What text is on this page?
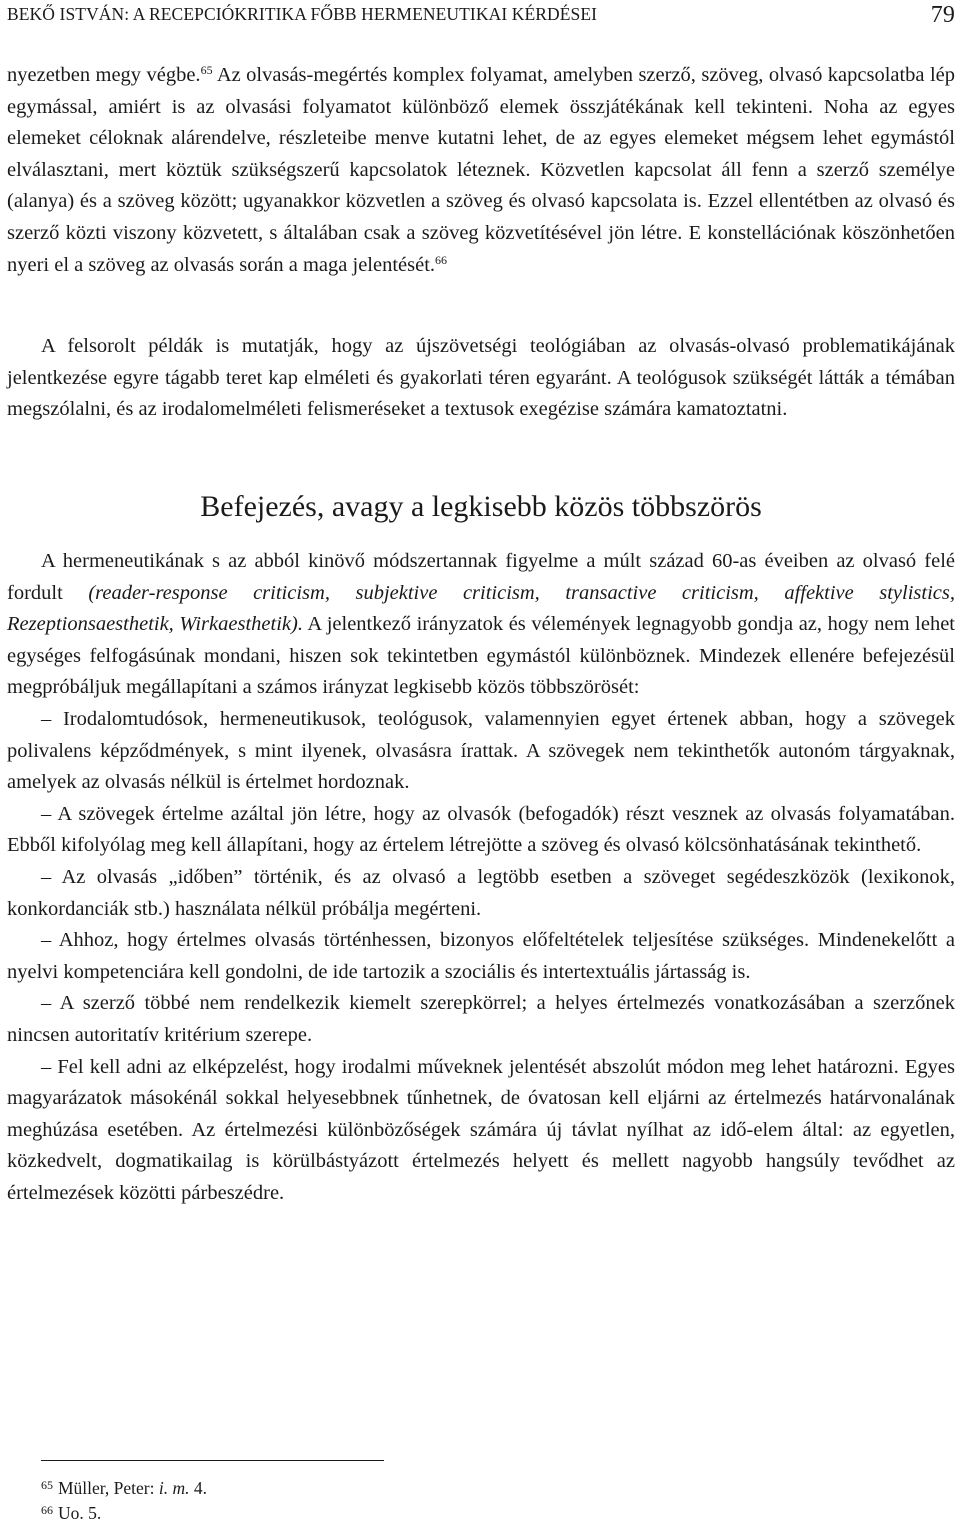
BEKŐ ISTVÁN: A RECEPCIÓKRITIKA FŐBB HERMENEUTIKAI KÉRDÉSEI	79

nyezetben megy végbe.$^{65}$ Az olvasás-megértés komplex folyamat, amelyben szerző, szöveg, olvasó kapcsolatba lép egymással, amiért is az olvasási folyamatot különböző elemek összjátékának kell tekinteni. Noha az egyes elemeket céloknak alárendelve, részleteibe menve kutatni lehet, de az egyes elemeket mégsem lehet egymástól elválasztani, mert köztük szükségszerű kapcsolatok léteznek. Közvetlen kapcsolat áll fenn a szerző személye (alanya) és a szöveg között; ugyanakkor közvetlen a szöveg és olvasó kapcsolata is. Ezzel ellentétben az olvasó és szerző közti viszony közvetett, s általában csak a szöveg közvetítésével jön létre. E konstellációnak köszönhetően nyeri el a szöveg az olvasás során a maga jelentését.$^{66}$

A felsorolt példák is mutatják, hogy az újszövetségi teológiában az olvasás-olvasó problematikájának jelentkezése egyre tágabb teret kap elméleti és gyakorlati téren egyaránt. A teológusok szükségét látták a témában megszólalni, és az irodalomelméleti felismeréseket a textusok exegézise számára kamatoztatni.

Befejezés, avagy a legkisebb közös többszörös

A hermeneutikának s az abból kinövő módszertannak figyelme a múlt század 60-as éveiben az olvasó felé fordult (reader-response criticism, subjektive criticism, transactive criticism, affektive stylistics, Rezeptionsaesthetik, Wirkaesthetik). A jelentkező irányzatok és vélemények legnagyobb gondja az, hogy nem lehet egységes felfogásúnak mondani, hiszen sok tekintetben egymástól különböznek. Mindezek ellenére befejezésül megpróbáljuk megállapítani a számos irányzat legkisebb közös többszörösét:

– Irodalomtudósok, hermeneutikusok, teológusok, valamennyien egyet értenek abban, hogy a szövegek polivalens képződmények, s mint ilyenek, olvasásra írattak. A szövegek nem tekinthetők autonóm tárgyaknak, amelyek az olvasás nélkül is értelmet hordoznak.

– A szövegek értelme azáltal jön létre, hogy az olvasók (befogadók) részt vesznek az olvasás folyamatában. Ebből kifolyólag meg kell állapítani, hogy az értelem létrejötte a szöveg és olvasó kölcsönhatásának tekinthető.

– Az olvasás „időben” történik, és az olvasó a legtöbb esetben a szöveget segédeszközök (lexikonok, konkordanciák stb.) használata nélkül próbálja megérteni.

– Ahhoz, hogy értelmes olvasás történhessen, bizonyos előfeltételek teljesítése szükséges. Mindenekelőtt a nyelvi kompetenciára kell gondolni, de ide tartozik a szociális és intertextuális jártasság is.

– A szerző többé nem rendelkezik kiemelt szerepkörrel; a helyes értelmezés vonatkozásában a szerzőnek nincsen autoritatív kritérium szerepe.

– Fel kell adni az elképzelést, hogy irodalmi műveknek jelentését abszolút módon meg lehet határozni. Egyes magyarázatok másokénál sokkal helyesebbnek tűnhetnek, de óvatosan kell eljárni az értelmezés határvonalának meghúzása esetében. Az értelmezési különbözőségek számára új távlat nyílhat az idő-elem által: az egyetlen, közkedvelt, dogmatikailag is körülbástyázott értelmezés helyett és mellett nagyobb hangsúly tevődhet az értelmezések közötti párbeszédre.

$^{65}$ Müller, Peter: i. m. 4.
$^{66}$ Uo. 5.
